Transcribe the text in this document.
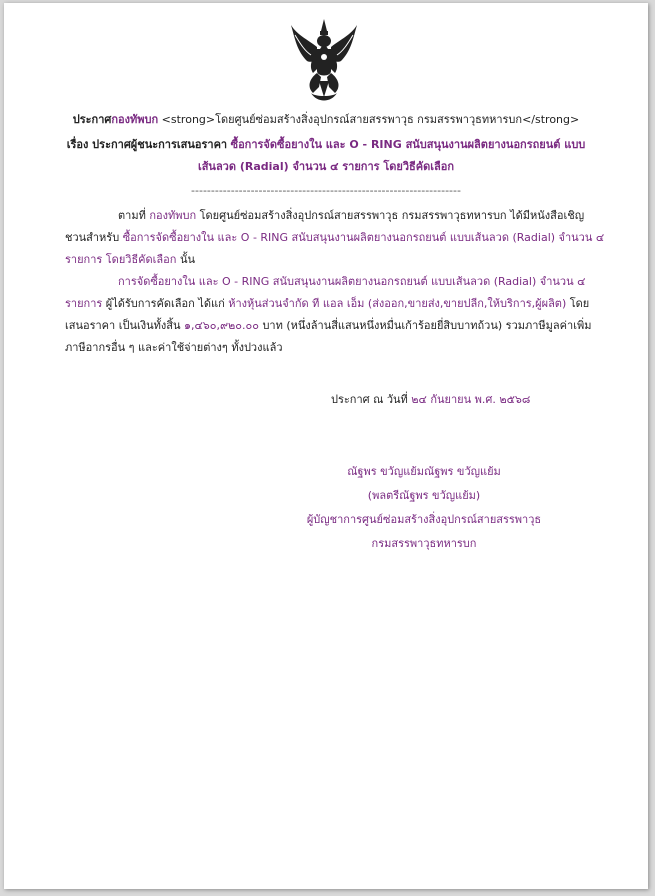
ประกาศกองทัพบก <strong>โดยศูนย์ซ่อมสร้างสิ่งอุปกรณ์สายสรรพาวุธ กรมสรรพาวุธทหารบก</strong>
เรื่อง ประกาศผู้ชนะการเสนอราคา ซื้อการจัดซื้อยางใน และ O - RING สนับสนุนงานผลิตยางนอกรถยนต์ แบบ
เส้นลวด (Radial) จำนวน ๔ รายการ โดยวิธีคัดเลือก
--------------------------------------------------------------------
ตามที่ กองทัพบก โดยศูนย์ซ่อมสร้างสิ่งอุปกรณ์สายสรรพาวุธ กรมสรรพาวุธทหารบก ได้มีหนังสือเชิญ
ชวนสำหรับ ซื้อการจัดซื้อยางใน และ O - RING สนับสนุนงานผลิตยางนอกรถยนต์ แบบเส้นลวด (Radial) จำนวน ๔
รายการ โดยวิธีคัดเลือก นั้น
การจัดซื้อยางใน และ O - RING สนับสนุนงานผลิตยางนอกรถยนต์ แบบเส้นลวด (Radial) จำนวน ๔
รายการ ผู้ได้รับการคัดเลือก ได้แก่ ห้างหุ้นส่วนจำกัด ที แอล เอ็ม (ส่งออก,ขายส่ง,ขายปลีก,ให้บริการ,ผู้ผลิต) โดย
เสนอราคา เป็นเงินทั้งสิ้น ๑,๔๖๐,๙๒๐.๐๐ บาท (หนึ่งล้านสี่แสนหนึ่งหมื่นเก้าร้อยยี่สิบบาทถ้วน) รวมภาษีมูลค่าเพิ่ม
ภาษีอากรอื่น ๆ และค่าใช้จ่ายต่างๆ ทั้งปวงแล้ว
ประกาศ ณ วันที่ ๒๔ กันยายน พ.ศ. ๒๕๖๘
ณัฐพร ขวัญแย้มณัฐพร ขวัญแย้ม
(พลตรีณัฐพร ขวัญแย้ม)
ผู้บัญชาการศูนย์ซ่อมสร้างสิ่งอุปกรณ์สายสรรพาวุธ
กรมสรรพาวุธทหารบก
